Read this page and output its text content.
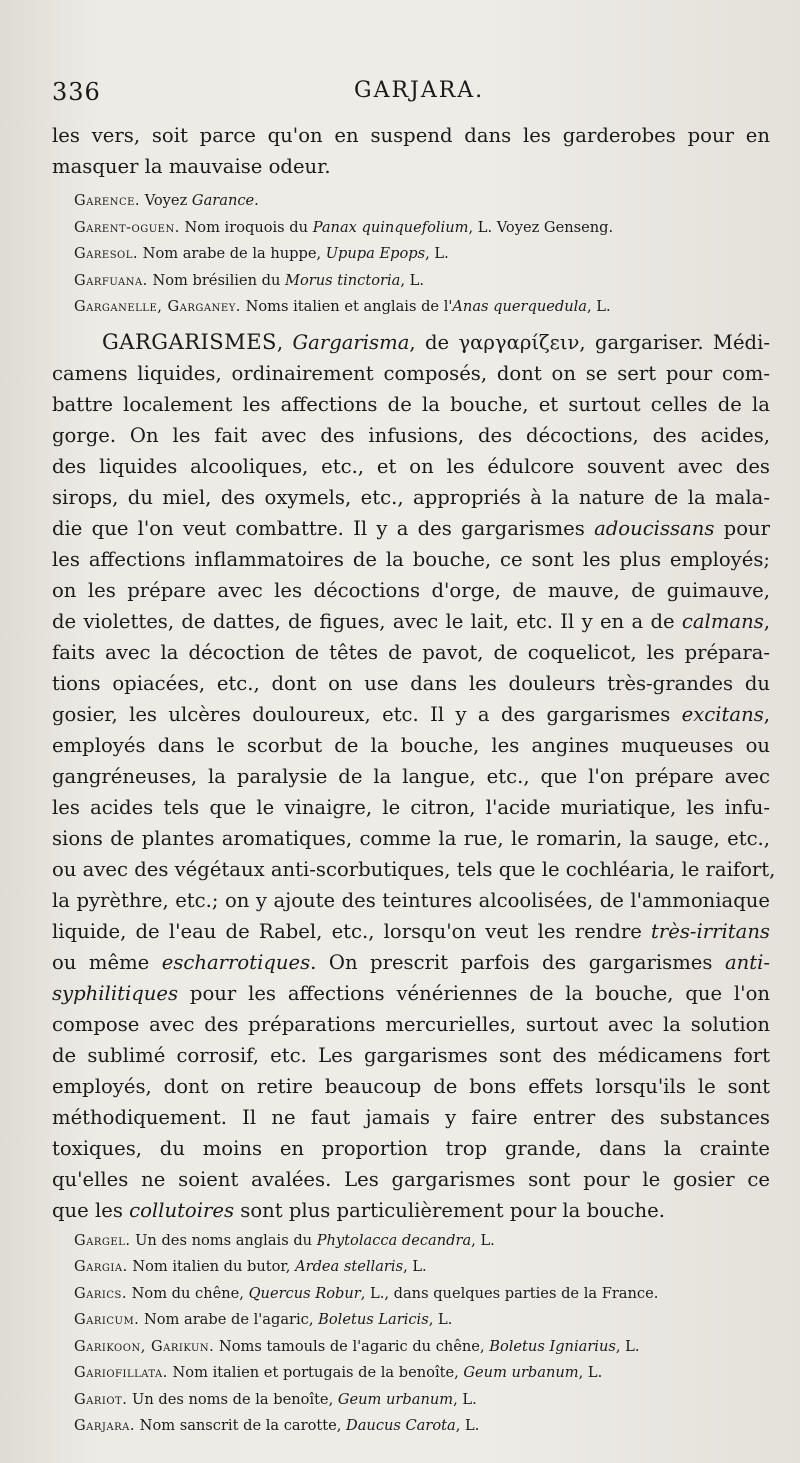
336	GARJARA.
les vers, soit parce qu'on en suspend dans les garderobes pour en
masquer la mauvaise odeur.
Garence. Voyez Garance.
Garent-oguen. Nom iroquois du Panax quinquefolium, L. Voyez Genseng.
Garesol. Nom arabe de la huppe, Upupa Epops, L.
Garfuana. Nom brésilien du Morus tinctoria, L.
Garganelle, Garganey. Noms italien et anglais de l'Anas querquedula, L.
GARGARISMES, Gargarisma, de γαργαρίζειν, gargariser. Médi-
camens liquides, ordinairement composés, dont on se sert pour com-
battre localement les affections de la bouche, et surtout celles de la
gorge. On les fait avec des infusions, des décoctions, des acides,
des liquides alcooliques, etc., et on les édulcore souvent avec des
sirops, du miel, des oxymels, etc., appropriés à la nature de la mala-
die que l'on veut combattre. Il y a des gargarismes adoucissans pour
les affections inflammatoires de la bouche, ce sont les plus employés;
on les prépare avec les décoctions d'orge, de mauve, de guimauve,
de violettes, de dattes, de figues, avec le lait, etc. Il y en a de calmans,
faits avec la décoction de têtes de pavot, de coquelicot, les prépara-
tions opiacées, etc., dont on use dans les douleurs très-grandes du
gosier, les ulcères douloureux, etc. Il y a des gargarismes excitans,
employés dans le scorbut de la bouche, les angines muqueuses ou
gangréneuses, la paralysie de la langue, etc., que l'on prépare avec
les acides tels que le vinaigre, le citron, l'acide muriatique, les infu-
sions de plantes aromatiques, comme la rue, le romarin, la sauge, etc.,
ou avec des végétaux anti-scorbutiques, tels que le cochléaria, le raifort,
la pyrèthre, etc.; on y ajoute des teintures alcoolisées, de l'ammoniaque
liquide, de l'eau de Rabel, etc., lorsqu'on veut les rendre très-irritans
ou même escharrotiques. On prescrit parfois des gargarismes anti-
syphilitiques pour les affections vénériennes de la bouche, que l'on
compose avec des préparations mercurielles, surtout avec la solution
de sublimé corrosif, etc. Les gargarismes sont des médicamens fort
employés, dont on retire beaucoup de bons effets lorsqu'ils le sont
méthodiquement. Il ne faut jamais y faire entrer des substances
toxiques, du moins en proportion trop grande, dans la crainte
qu'elles ne soient avalées. Les gargarismes sont pour le gosier ce
que les collutoires sont plus particulièrement pour la bouche.
Gargel. Un des noms anglais du Phytolacca decandra, L.
Gargia. Nom italien du butor, Ardea stellaris, L.
Garics. Nom du chêne, Quercus Robur, L., dans quelques parties de la France.
Garicum. Nom arabe de l'agaric, Boletus Laricis, L.
Garikoon, Garikun. Noms tamouls de l'agaric du chêne, Boletus Igniarius, L.
Gariofillata. Nom italien et portugais de la benoîte, Geum urbanum, L.
Gariot. Un des noms de la benoîte, Geum urbanum, L.
Garjara. Nom sanscrit de la carotte, Daucus Carota, L.
